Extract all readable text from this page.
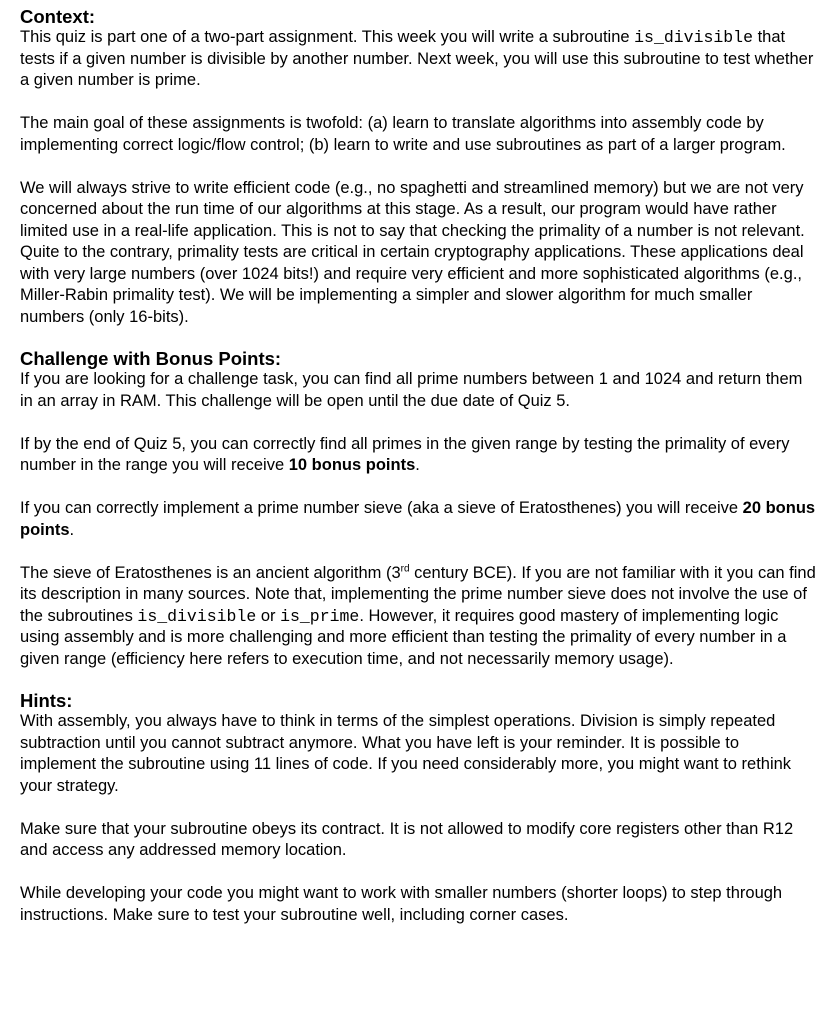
Context:

This quiz is part one of a two-part assignment. This week you will write a subroutine is_divisible that tests if a given number is divisible by another number. Next week, you will use this subroutine to test whether a given number is prime.

The main goal of these assignments is twofold: (a) learn to translate algorithms into assembly code by implementing correct logic/flow control; (b) learn to write and use subroutines as part of a larger program.

We will always strive to write efficient code (e.g., no spaghetti and streamlined memory) but we are not very concerned about the run time of our algorithms at this stage. As a result, our program would have rather limited use in a real-life application. This is not to say that checking the primality of a number is not relevant. Quite to the contrary, primality tests are critical in certain cryptography applications. These applications deal with very large numbers (over 1024 bits!) and require very efficient and more sophisticated algorithms (e.g., Miller-Rabin primality test). We will be implementing a simpler and slower algorithm for much smaller numbers (only 16-bits).

Challenge with Bonus Points:

If you are looking for a challenge task, you can find all prime numbers between 1 and 1024 and return them in an array in RAM. This challenge will be open until the due date of Quiz 5.

If by the end of Quiz 5, you can correctly find all primes in the given range by testing the primality of every number in the range you will receive 10 bonus points.

If you can correctly implement a prime number sieve (aka a sieve of Eratosthenes) you will receive 20 bonus points.

The sieve of Eratosthenes is an ancient algorithm (3rd century BCE). If you are not familiar with it you can find its description in many sources. Note that, implementing the prime number sieve does not involve the use of the subroutines is_divisible or is_prime. However, it requires good mastery of implementing logic using assembly and is more challenging and more efficient than testing the primality of every number in a given range (efficiency here refers to execution time, and not necessarily memory usage).

Hints:

With assembly, you always have to think in terms of the simplest operations. Division is simply repeated subtraction until you cannot subtract anymore. What you have left is your reminder. It is possible to implement the subroutine using 11 lines of code. If you need considerably more, you might want to rethink your strategy.

Make sure that your subroutine obeys its contract. It is not allowed to modify core registers other than R12 and access any addressed memory location.

While developing your code you might want to work with smaller numbers (shorter loops) to step through instructions. Make sure to test your subroutine well, including corner cases.
